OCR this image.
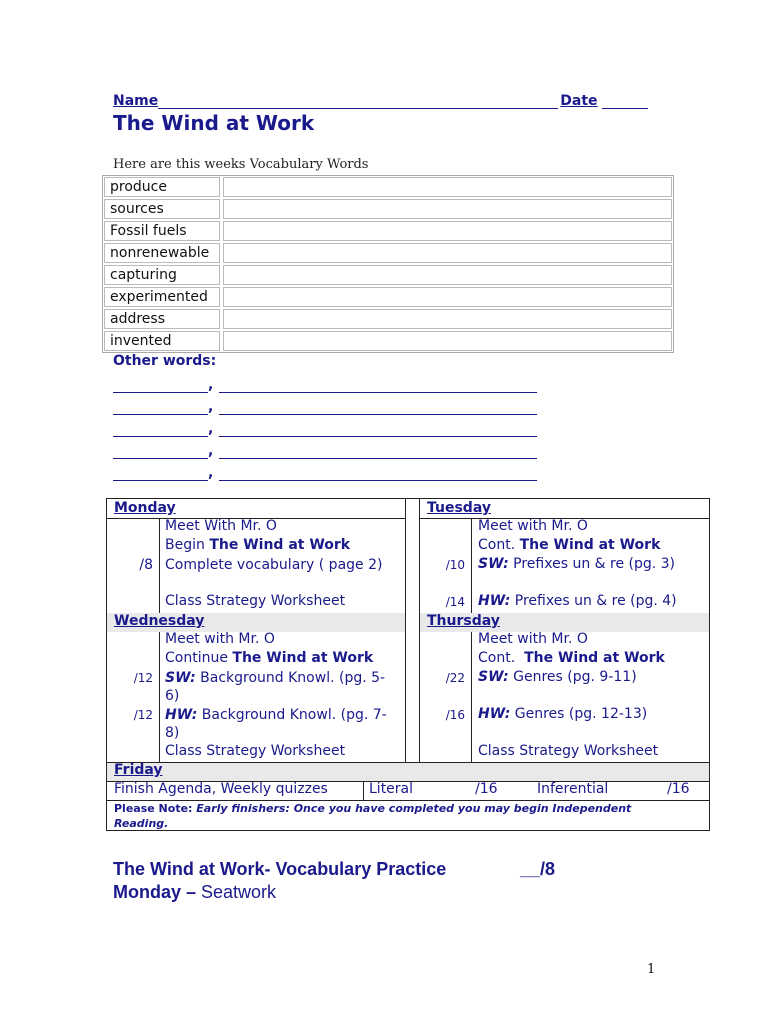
Name	Date
The Wind at Work
Here are this weeks Vocabulary Words
produce
sources
Fossil fuels
nonrenewable
capturing
experimented
address
invented
Other words:
,
,
,
,
,
Monday
Meet With Mr. O
Begin The Wind at Work
/8 Complete vocabulary ( page 2)
Class Strategy Worksheet
Tuesday
Meet with Mr. O
Cont. The Wind at Work
/10 SW: Prefixes un & re (pg. 3)
/14 HW: Prefixes un & re (pg. 4)
Wednesday
Meet with Mr. O
Continue The Wind at Work
/12 SW: Background Knowl. (pg. 5-6)
/12 HW: Background Knowl. (pg. 7-8)
Class Strategy Worksheet
Thursday
Meet with Mr. O
Cont.  The Wind at Work
/22 SW: Genres (pg. 9-11)
/16 HW: Genres (pg. 12-13)
Class Strategy Worksheet
Friday
Finish Agenda, Weekly quizzes	Literal	/16	Inferential	/16
Please Note: Early finishers: Once you have completed you may begin Independent Reading.
The Wind at Work- Vocabulary Practice	__/8
Monday – Seatwork
1
